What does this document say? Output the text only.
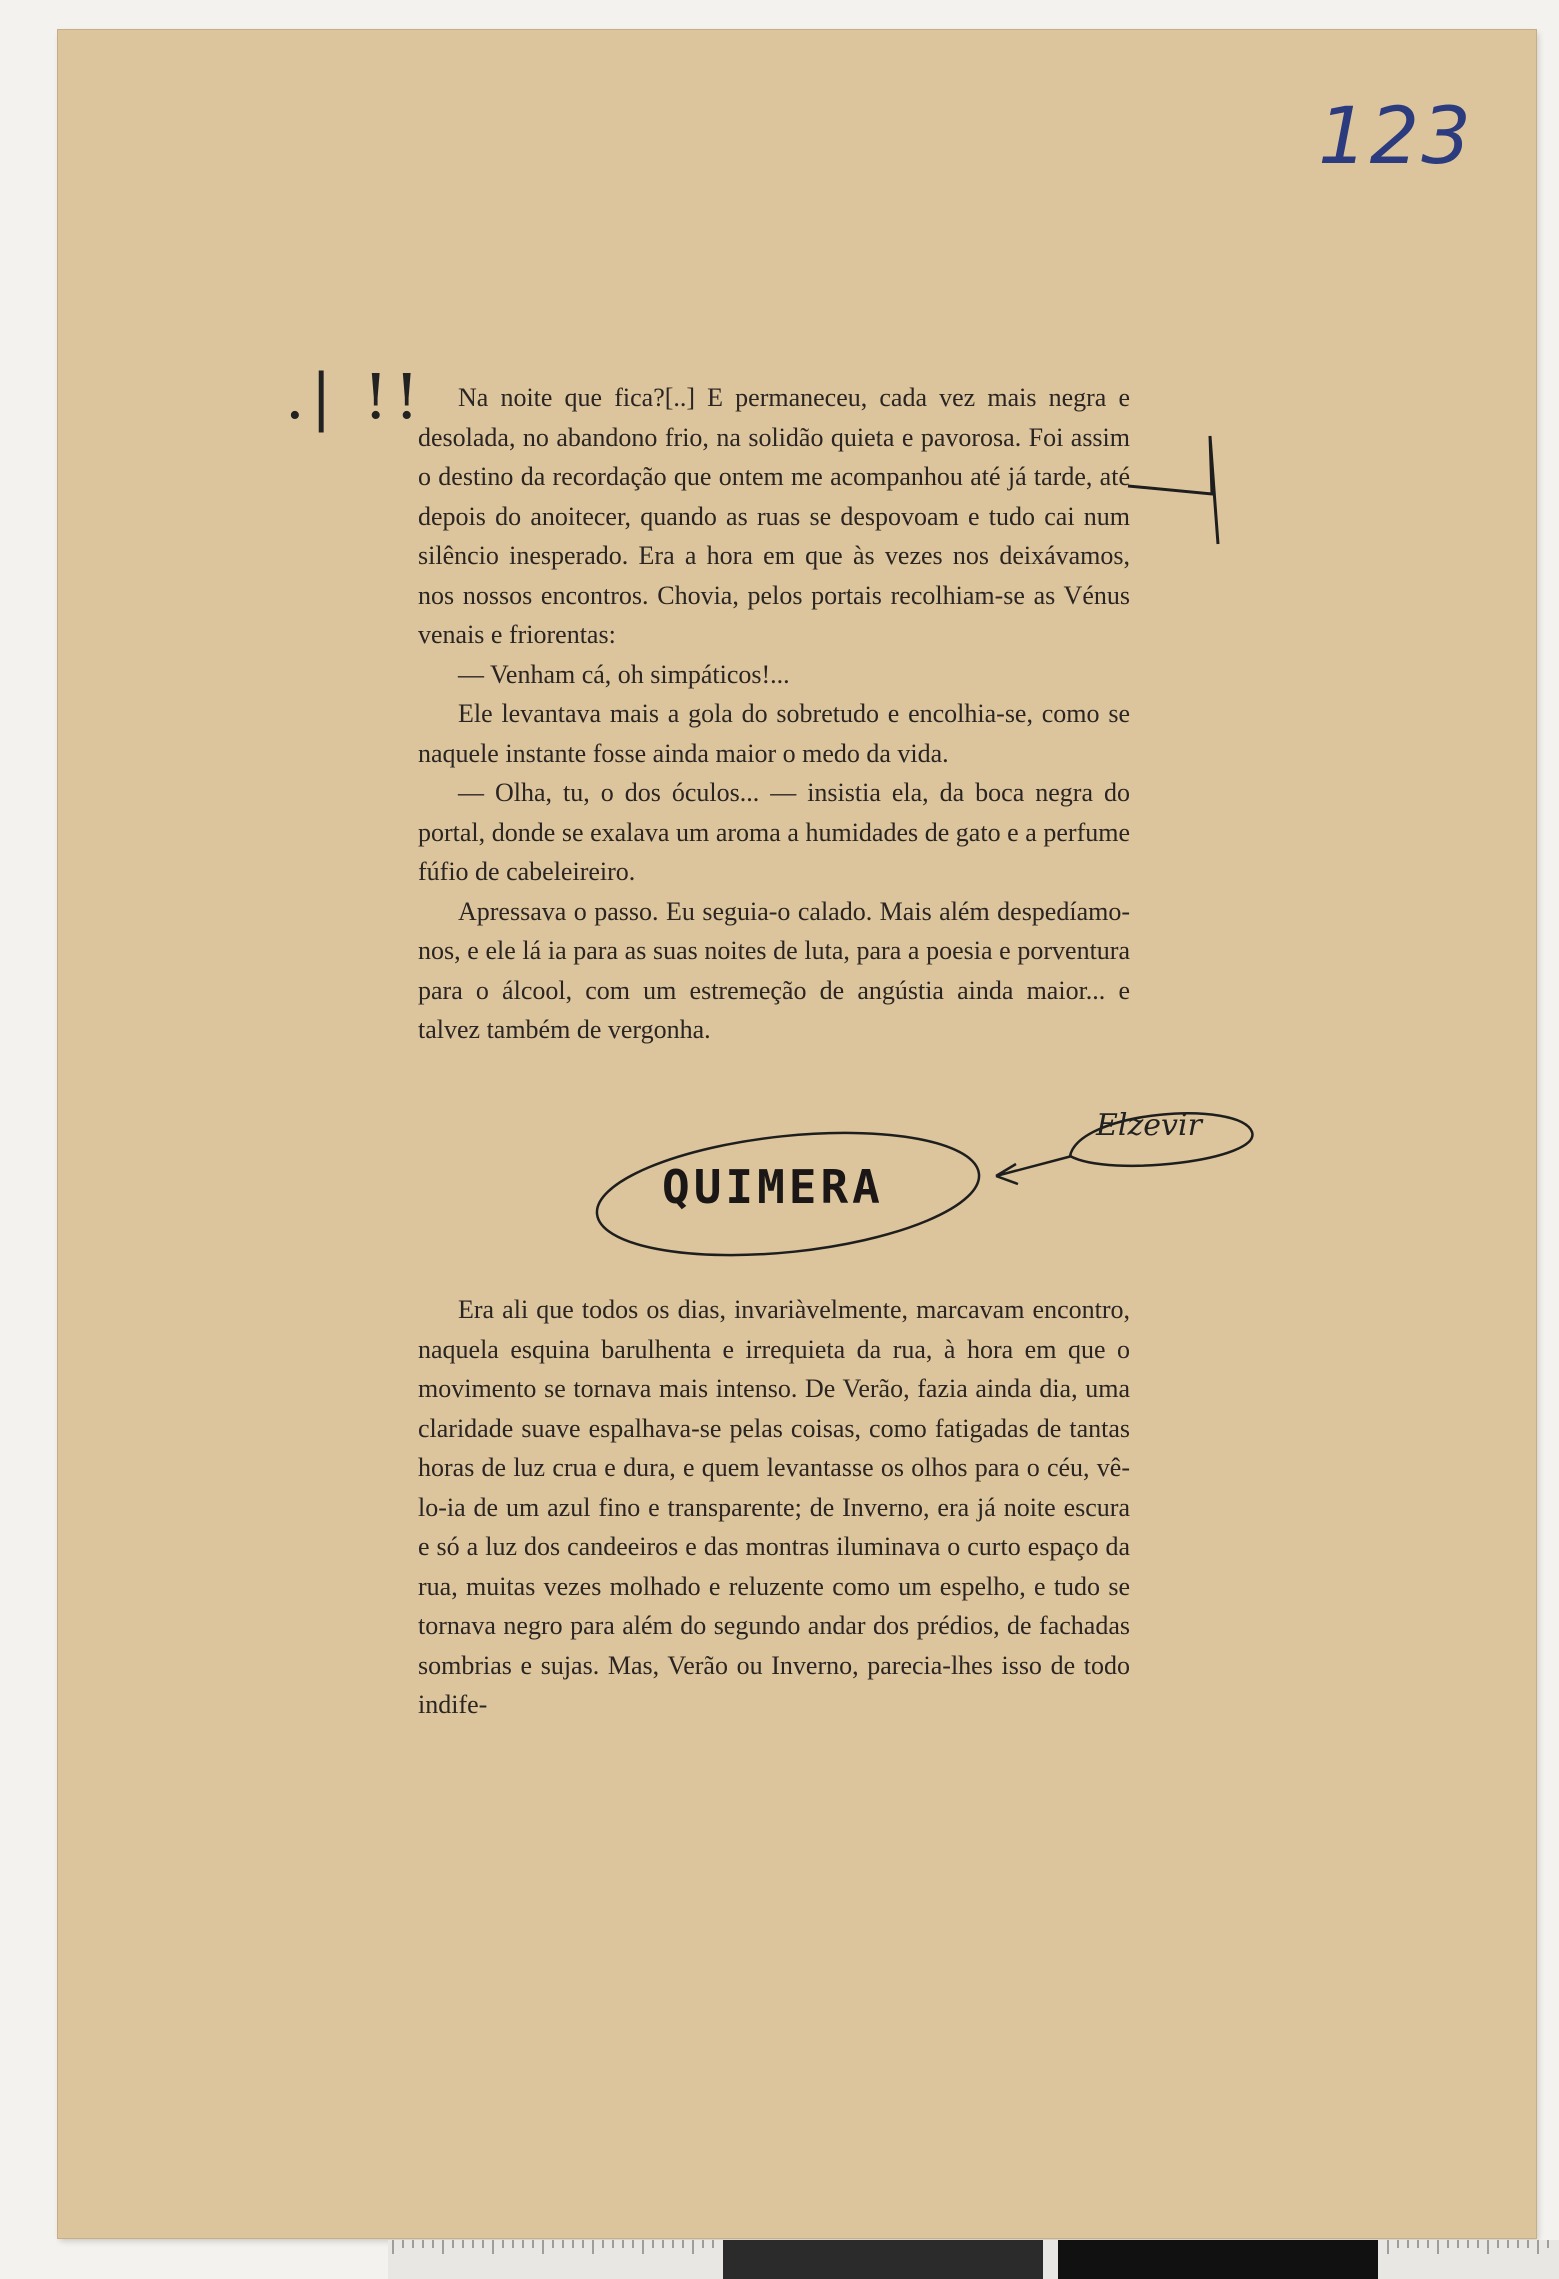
123
.| !!	Na noite que fica?[..] E permaneceu, cada vez mais negra e desolada, no abandono frio, na solidão quieta e pavorosa. Foi assim o destino da recordação que ontem me acompanhou até já tarde, até depois do anoitecer, quando as ruas se despovoam e tudo cai num silêncio inesperado. Era a hora em que às vezes nos deixávamos, nos nossos encontros. Chovia, pelos portais recolhiam-se as Vénus venais e friorentas:

— Venham cá, oh simpáticos!...

Ele levantava mais a gola do sobretudo e encolhia-se, como se naquele instante fosse ainda maior o medo da vida.

— Olha, tu, o dos óculos... — insistia ela, da boca negra do portal, donde se exalava um aroma a humidades de gato e a perfume fúfio de cabeleireiro.

Apressava o passo. Eu seguia-o calado. Mais além despedíamo-nos, e ele lá ia para as suas noites de luta, para a poesia e porventura para o álcool, com um estremeção de angústia ainda maior... e talvez também de vergonha.

QUIMERA
Elzevir

Era ali que todos os dias, invariàvelmente, marcavam encontro, naquela esquina barulhenta e irrequieta da rua, à hora em que o movimento se tornava mais intenso. De Verão, fazia ainda dia, uma claridade suave espalhava-se pelas coisas, como fatigadas de tantas horas de luz crua e dura, e quem levantasse os olhos para o céu, vê-lo-ia de um azul fino e transparente; de Inverno, era já noite escura e só a luz dos candeeiros e das montras iluminava o curto espaço da rua, muitas vezes molhado e reluzente como um espelho, e tudo se tornava negro para além do segundo andar dos prédios, de fachadas sombrias e sujas. Mas, Verão ou Inverno, parecia-lhes isso de todo indife-
